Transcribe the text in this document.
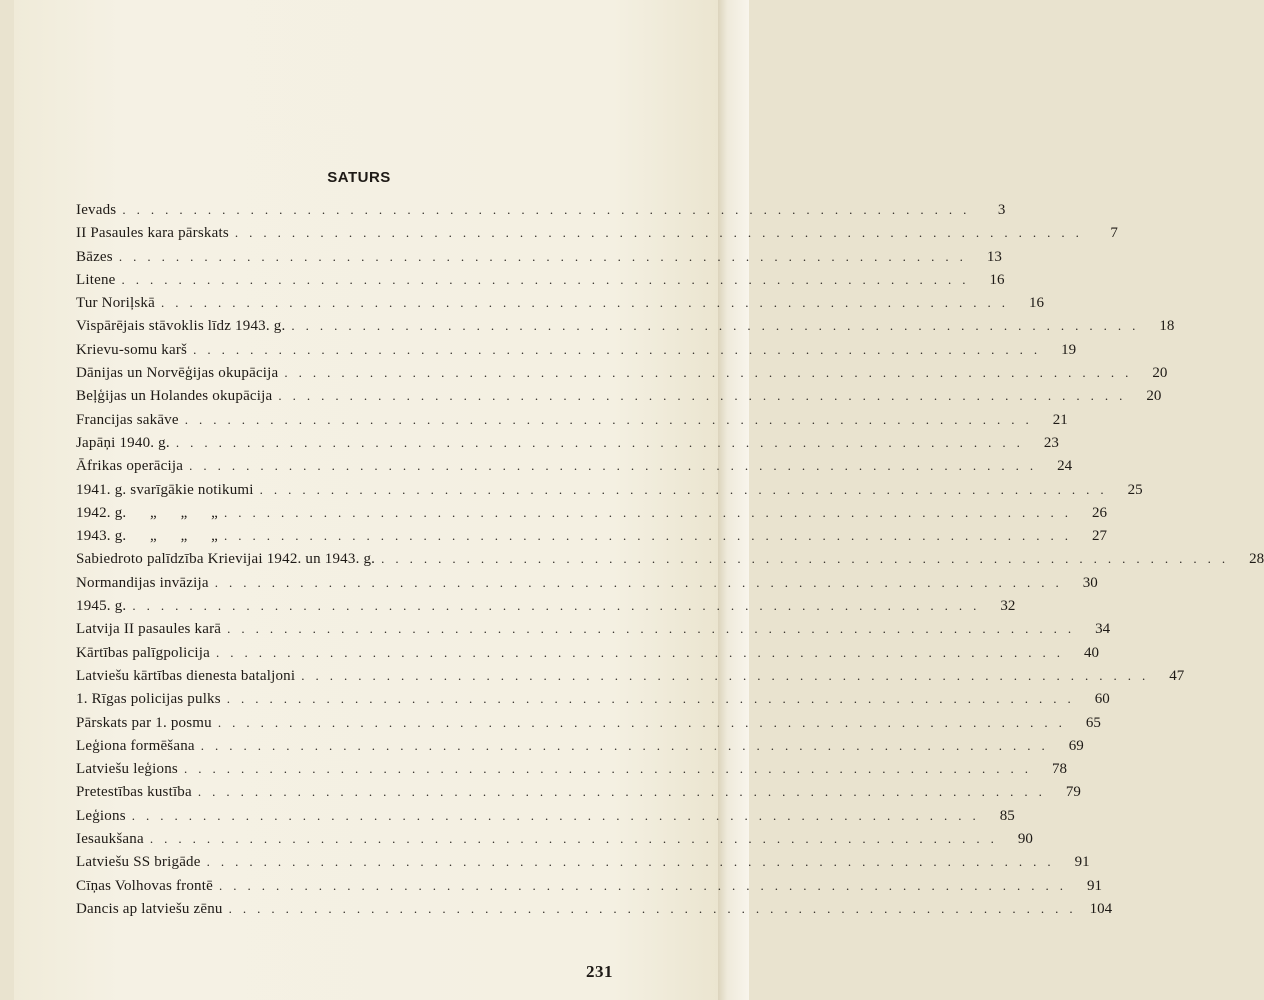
SATURS
Ievads ............................................................	3
II Pasaules kara pārskats ............................................................	7
Bāzes ............................................................ 13
Litene ............................................................ 16
Tur Noriļskā ............................................................ 16
Vispārējais stāvoklis līdz 1943. g. ............................................................ 18
Krievu-somu karš ............................................................ 19
Dānijas un Norvēģijas okupācija ............................................................ 20
Beļģijas un Holandes okupācija ............................................................ 20
Francijas sakāve ............................................................ 21
Japāņi 1940. g. ............................................................ 23
Āfrikas operācija ............................................................ 24
1941. g. svarīgākie notikumi ............................................................ 25
1942. g.      „      „      „ ............................................................ 26
1943. g.      „      „      „ ............................................................ 27
Sabiedroto palīdzība Krievijai 1942. un 1943. g. ............................................................ 28
Normandijas invāzija ............................................................ 30
1945. g. ............................................................ 32
Latvija II pasaules karā ............................................................ 34
Kārtības palīgpolicija ............................................................ 40
Latviešu kārtības dienesta bataljoni ............................................................ 47
1. Rīgas policijas pulks ............................................................ 60
Pārskats par 1. posmu ............................................................ 65
Leģiona formēšana ............................................................ 69
Latviešu leģions ............................................................ 78
Pretestības kustība ............................................................ 79
Leģions ............................................................ 85
Iesaukšana ............................................................ 90
Latviešu SS brigāde ............................................................ 91
Cīņas Volhovas frontē ............................................................ 91
Dancis ap latviešu zēnu ............................................................ 104
231
